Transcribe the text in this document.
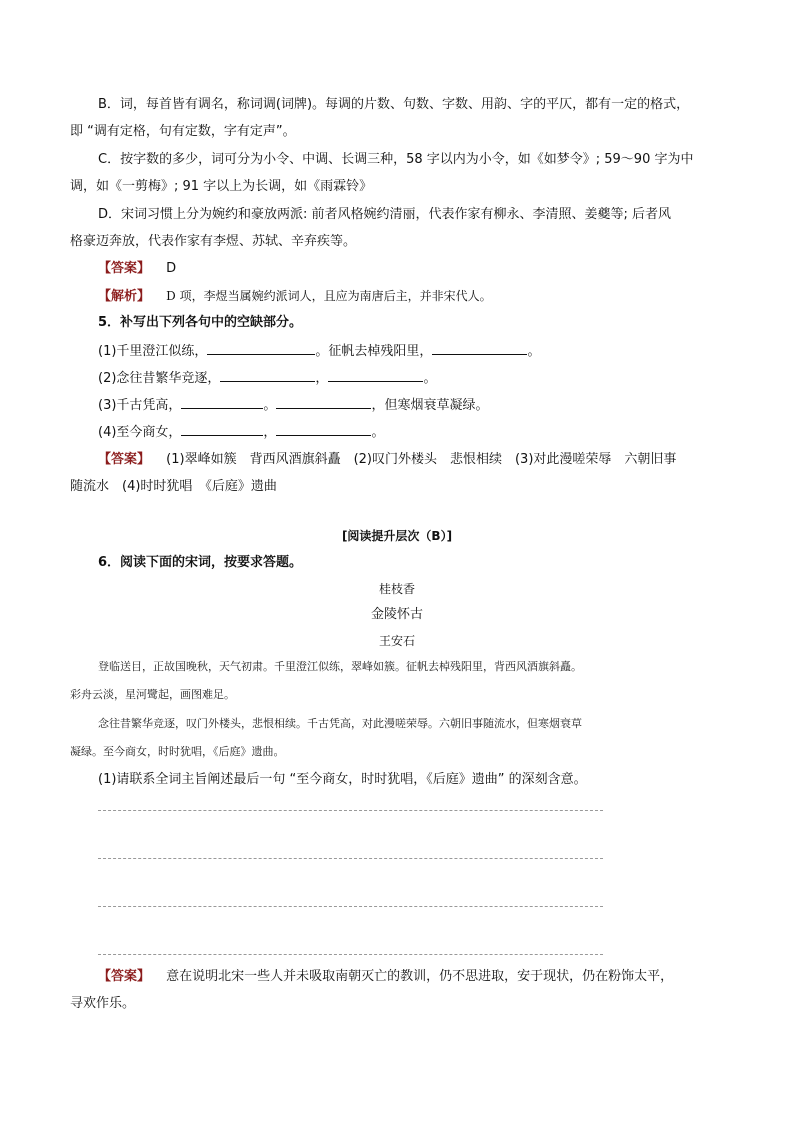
B．词，每首皆有调名，称词调(词牌)。每调的片数、句数、字数、用韵、字的平仄，都有一定的格式，
即 “调有定格，句有定数，字有定声”。
C．按字数的多少，词可分为小令、中调、长调三种，58 字以内为小令，如《如梦令》; 59～90 字为中
调，如《一剪梅》; 91 字以上为长调，如《雨霖铃》
D．宋词习惯上分为婉约和豪放两派: 前者风格婉约清丽，代表作家有柳永、李清照、姜夔等; 后者风
格豪迈奔放，代表作家有李煜、苏轼、辛弃疾等。
【答案】 D
【解析】 D 项，李煜当属婉约派词人，且应为南唐后主，并非宋代人。
5．补写出下列各句中的空缺部分。
(1)千里澄江似练，	。征帆去棹残阳里，	。
(2)念往昔繁华竞逐，	，	。
(3)千古凭高，	。	，但寒烟衰草凝绿。
(4)至今商女，	，	。
【答案】 (1)翠峰如簇　背西风酒旗斜矗　(2)叹门外楼头　悲恨相续　(3)对此漫嗟荣辱　六朝旧事
随流水　(4)时时犹唱　《后庭》遗曲
[阅读提升层次（B）]
6．阅读下面的宋词，按要求答题。
桂枝香
金陵怀古
王安石
登临送目，正故国晚秋，天气初肃。千里澄江似练，翠峰如簇。征帆去棹残阳里，背西风酒旗斜矗。
彩舟云淡，星河鹭起，画图难足。
念往昔繁华竞逐，叹门外楼头，悲恨相续。千古凭高，对此漫嗟荣辱。六朝旧事随流水，但寒烟衰草
凝绿。至今商女，时时犹唱，《后庭》遗曲。
(1)请联系全词主旨阐述最后一句 “至今商女，时时犹唱，《后庭》遗曲” 的深刻含意。
【答案】 意在说明北宋一些人并未吸取南朝灭亡的教训，仍不思进取，安于现状，仍在粉饰太平，
寻欢作乐。
